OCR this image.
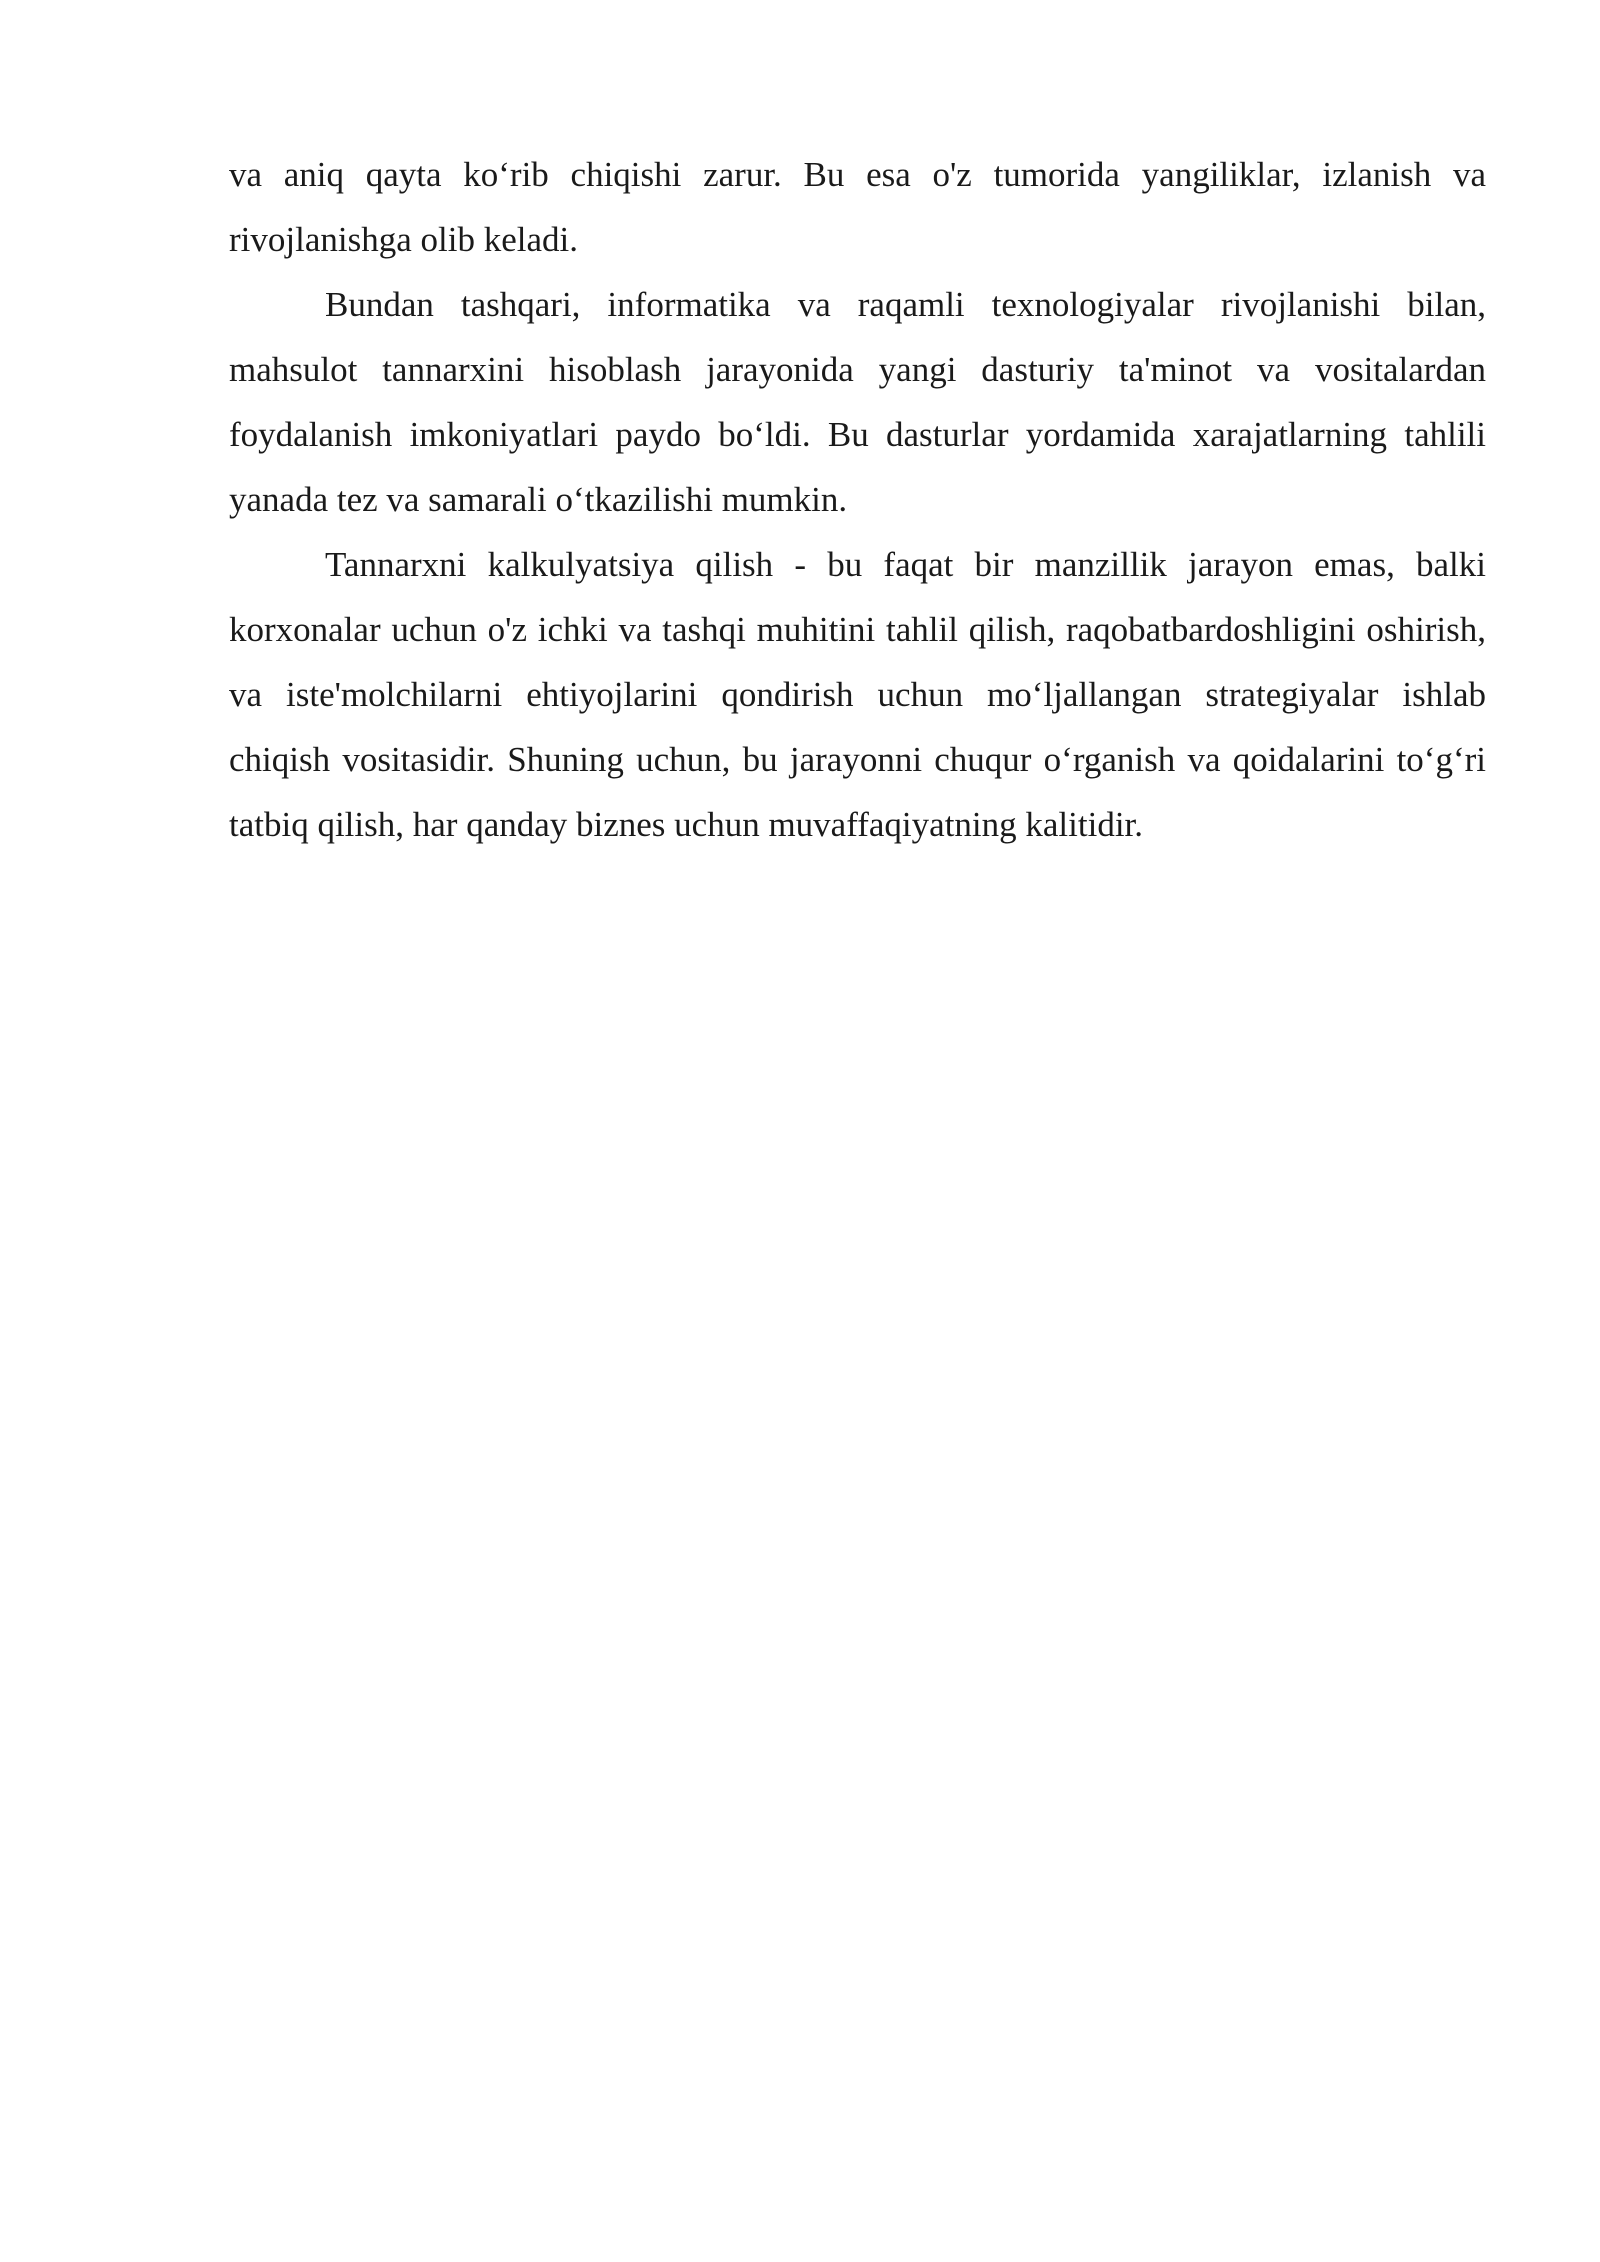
va aniq qayta koʻrib chiqishi zarur. Bu esa o'z tumorida yangiliklar, izlanish va rivojlanishga olib keladi.

Bundan tashqari, informatika va raqamli texnologiyalar rivojlanishi bilan, mahsulot tannarxini hisoblash jarayonida yangi dasturiy ta'minot va vositalardan foydalanish imkoniyatlari paydo boʻldi. Bu dasturlar yordamida xarajatlarning tahlili yanada tez va samarali oʻtkazilishi mumkin.

Tannarxni kalkulyatsiya qilish - bu faqat bir manzillik jarayon emas, balki korxonalar uchun o'z ichki va tashqi muhitini tahlil qilish, raqobatbardoshligini oshirish, va iste'molchilarni ehtiyojlarini qondirish uchun moʻljallangan strategiyalar ishlab chiqish vositasidir. Shuning uchun, bu jarayonni chuqur oʻrganish va qoidalarini toʻgʻri tatbiq qilish, har qanday biznes uchun muvaffaqiyatning kalitidir.
